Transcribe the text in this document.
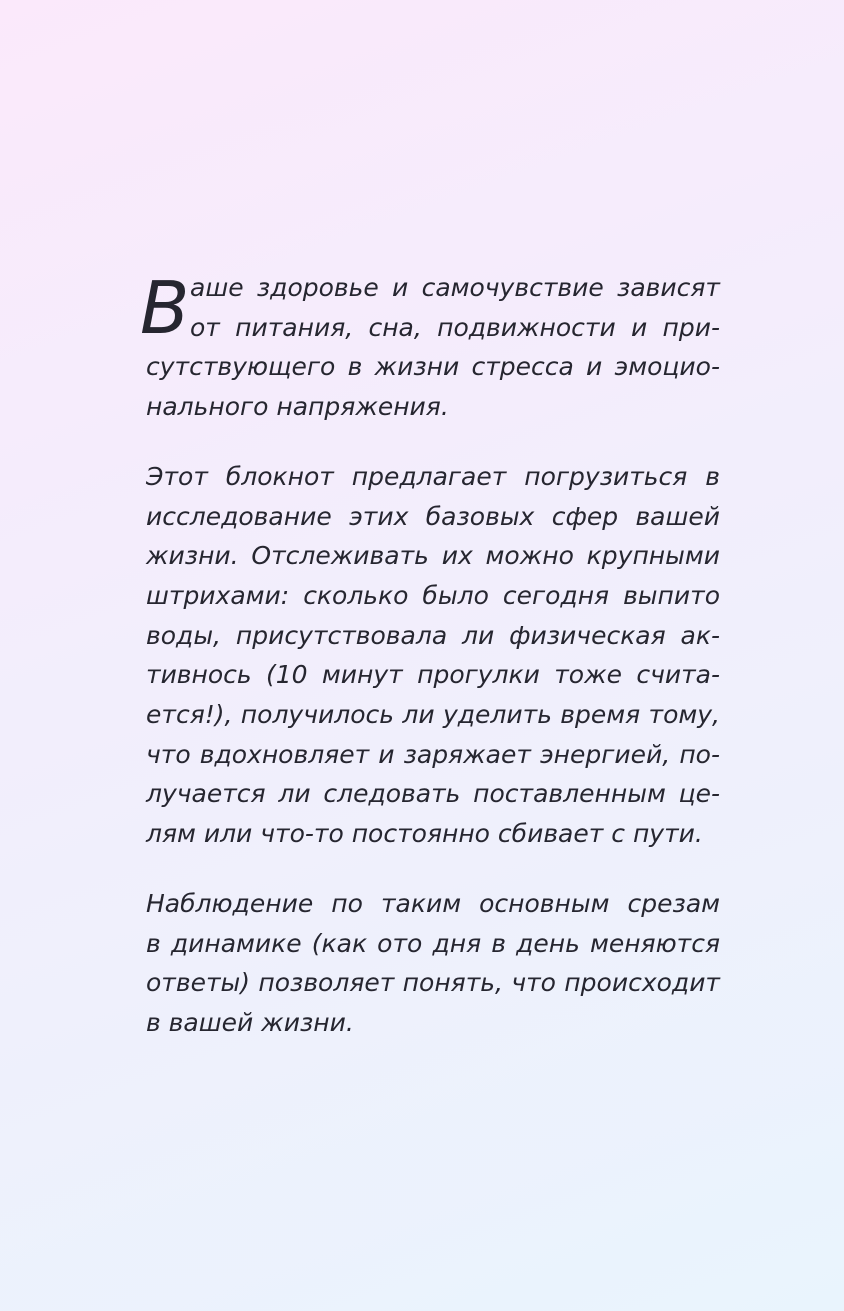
В аше здоровье и самочувствие зависят
от питания, сна, подвижности и при-
сутствующего в жизни стресса и эмоцио-
нального напряжения.
Этот блокнот предлагает погрузиться в
исследование этих базовых сфер вашей
жизни. Отслеживать их можно крупными
штрихами: сколько было сегодня выпито
воды, присутствовала ли физическая ак-
тивнось (10 минут прогулки тоже счита-
ется!), получилось ли уделить время тому,
что вдохновляет и заряжает энергией, по-
лучается ли следовать поставленным це-
лям или что-то постоянно сбивает с пути.
Наблюдение по таким основным срезам
в динамике (как ото дня в день меняются
ответы) позволяет понять, что происходит
в вашей жизни.
